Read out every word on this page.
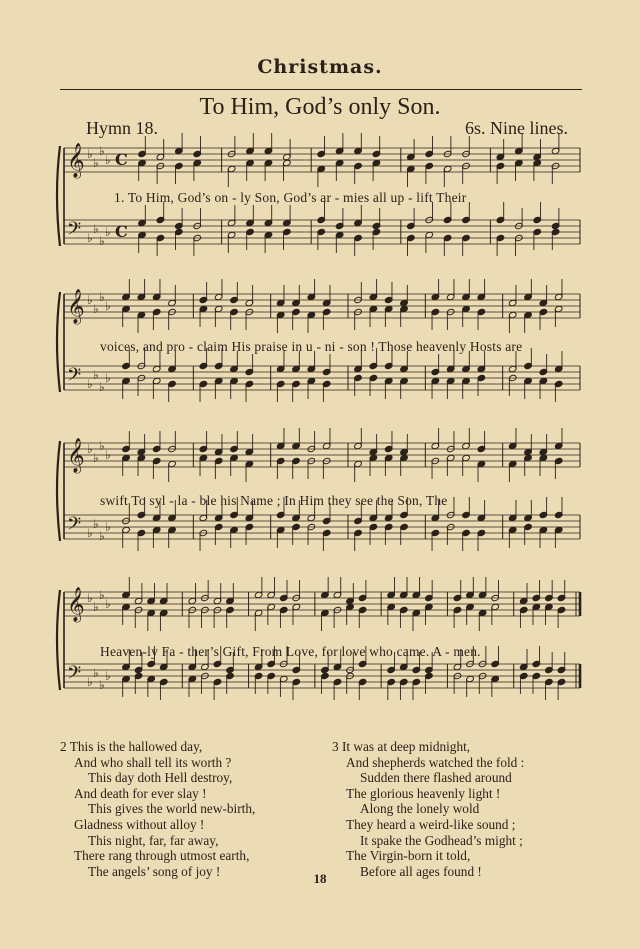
Christmas.
To Him, God’s only Son.
Hymn 18.	6s. Nine lines.
𝄞 ♭
♭
♭
♭ C
𝄢 ♭
♭
♭
♭ C
𝄞 ♭
♭
♭
♭
𝄢 ♭
♭
♭
♭
𝄞 ♭
♭
♭
♭
𝄢 ♭
♭
♭
♭
𝄞 ♭
♭
♭
♭
𝄢 ♭
♭
♭
♭
1. To Him, God’s on - ly Son, God’s ar - mies all up - lift Their
voices, and pro - claim His praise in u - ni - son ! Those heavenly Hosts are
swift To syl - la - ble his Name ; In Him they see the Son, The
Heaven-ly Fa - ther’s Gift, From Love, for love who came. A - men.
2 This is the hallowed day,
And who shall tell its worth ?
This day doth Hell destroy,
And death for ever slay !
This gives the world new-birth,
Gladness without alloy !
This night, far, far away,
There rang through utmost earth,
The angels’ song of joy !
3 It was at deep midnight,
And shepherds watched the fold :
Sudden there flashed around
The glorious heavenly light !
Along the lonely wold
They heard a weird-like sound ;
It spake the Godhead’s might ;
The Virgin-born it told,
Before all ages found !
18
